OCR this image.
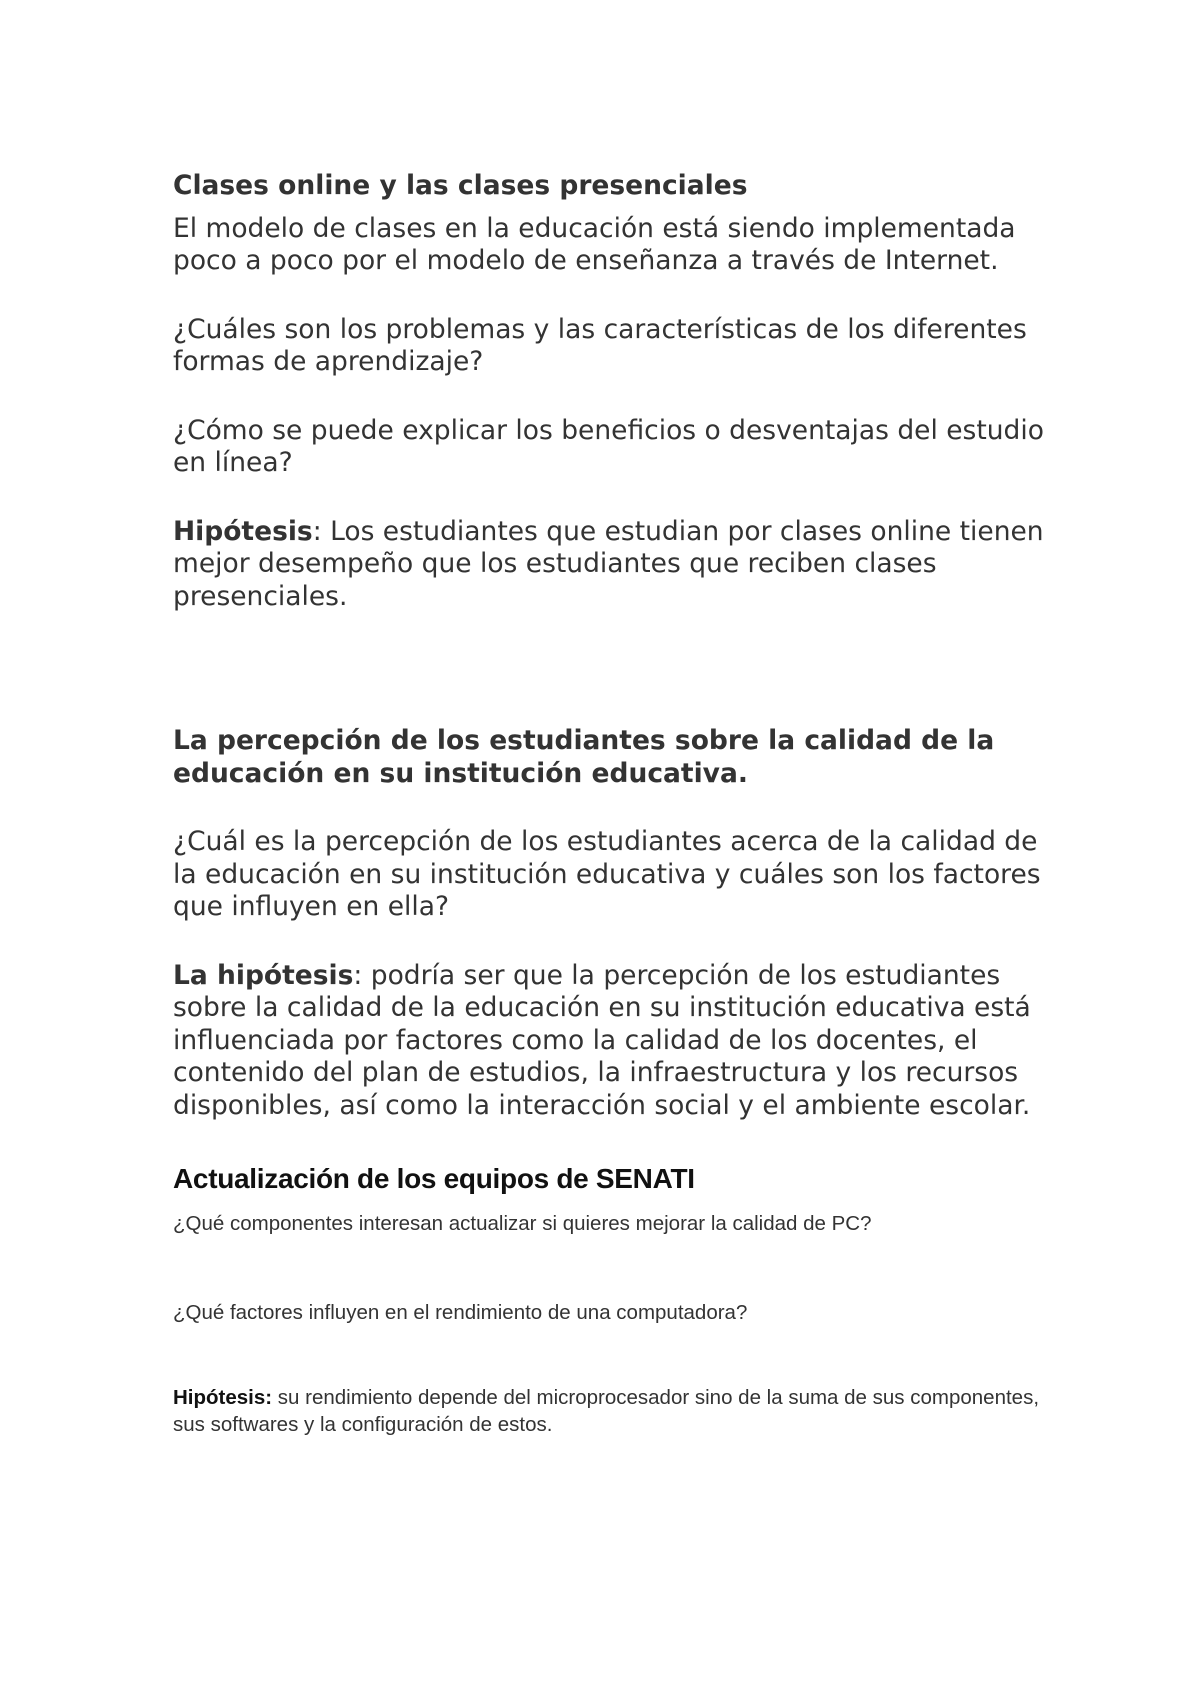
Clases online y las clases presenciales

El modelo de clases en la educación está siendo implementada poco a poco por el modelo de enseñanza a través de Internet.

¿Cuáles son los problemas y las características de los diferentes formas de aprendizaje?

¿Cómo se puede explicar los beneficios o desventajas del estudio en línea?

Hipótesis: Los estudiantes que estudian por clases online tienen mejor desempeño que los estudiantes que reciben clases presenciales.

La percepción de los estudiantes sobre la calidad de la educación en su institución educativa.

¿Cuál es la percepción de los estudiantes acerca de la calidad de la educación en su institución educativa y cuáles son los factores que influyen en ella?

La hipótesis: podría ser que la percepción de los estudiantes sobre la calidad de la educación en su institución educativa está influenciada por factores como la calidad de los docentes, el contenido del plan de estudios, la infraestructura y los recursos disponibles, así como la interacción social y el ambiente escolar.

Actualización de los equipos de SENATI

¿Qué componentes interesan actualizar si quieres mejorar la calidad de PC?

¿Qué factores influyen en el rendimiento de una computadora?

Hipótesis: su rendimiento depende del microprocesador sino de la suma de sus componentes, sus softwares y la configuración de estos.
